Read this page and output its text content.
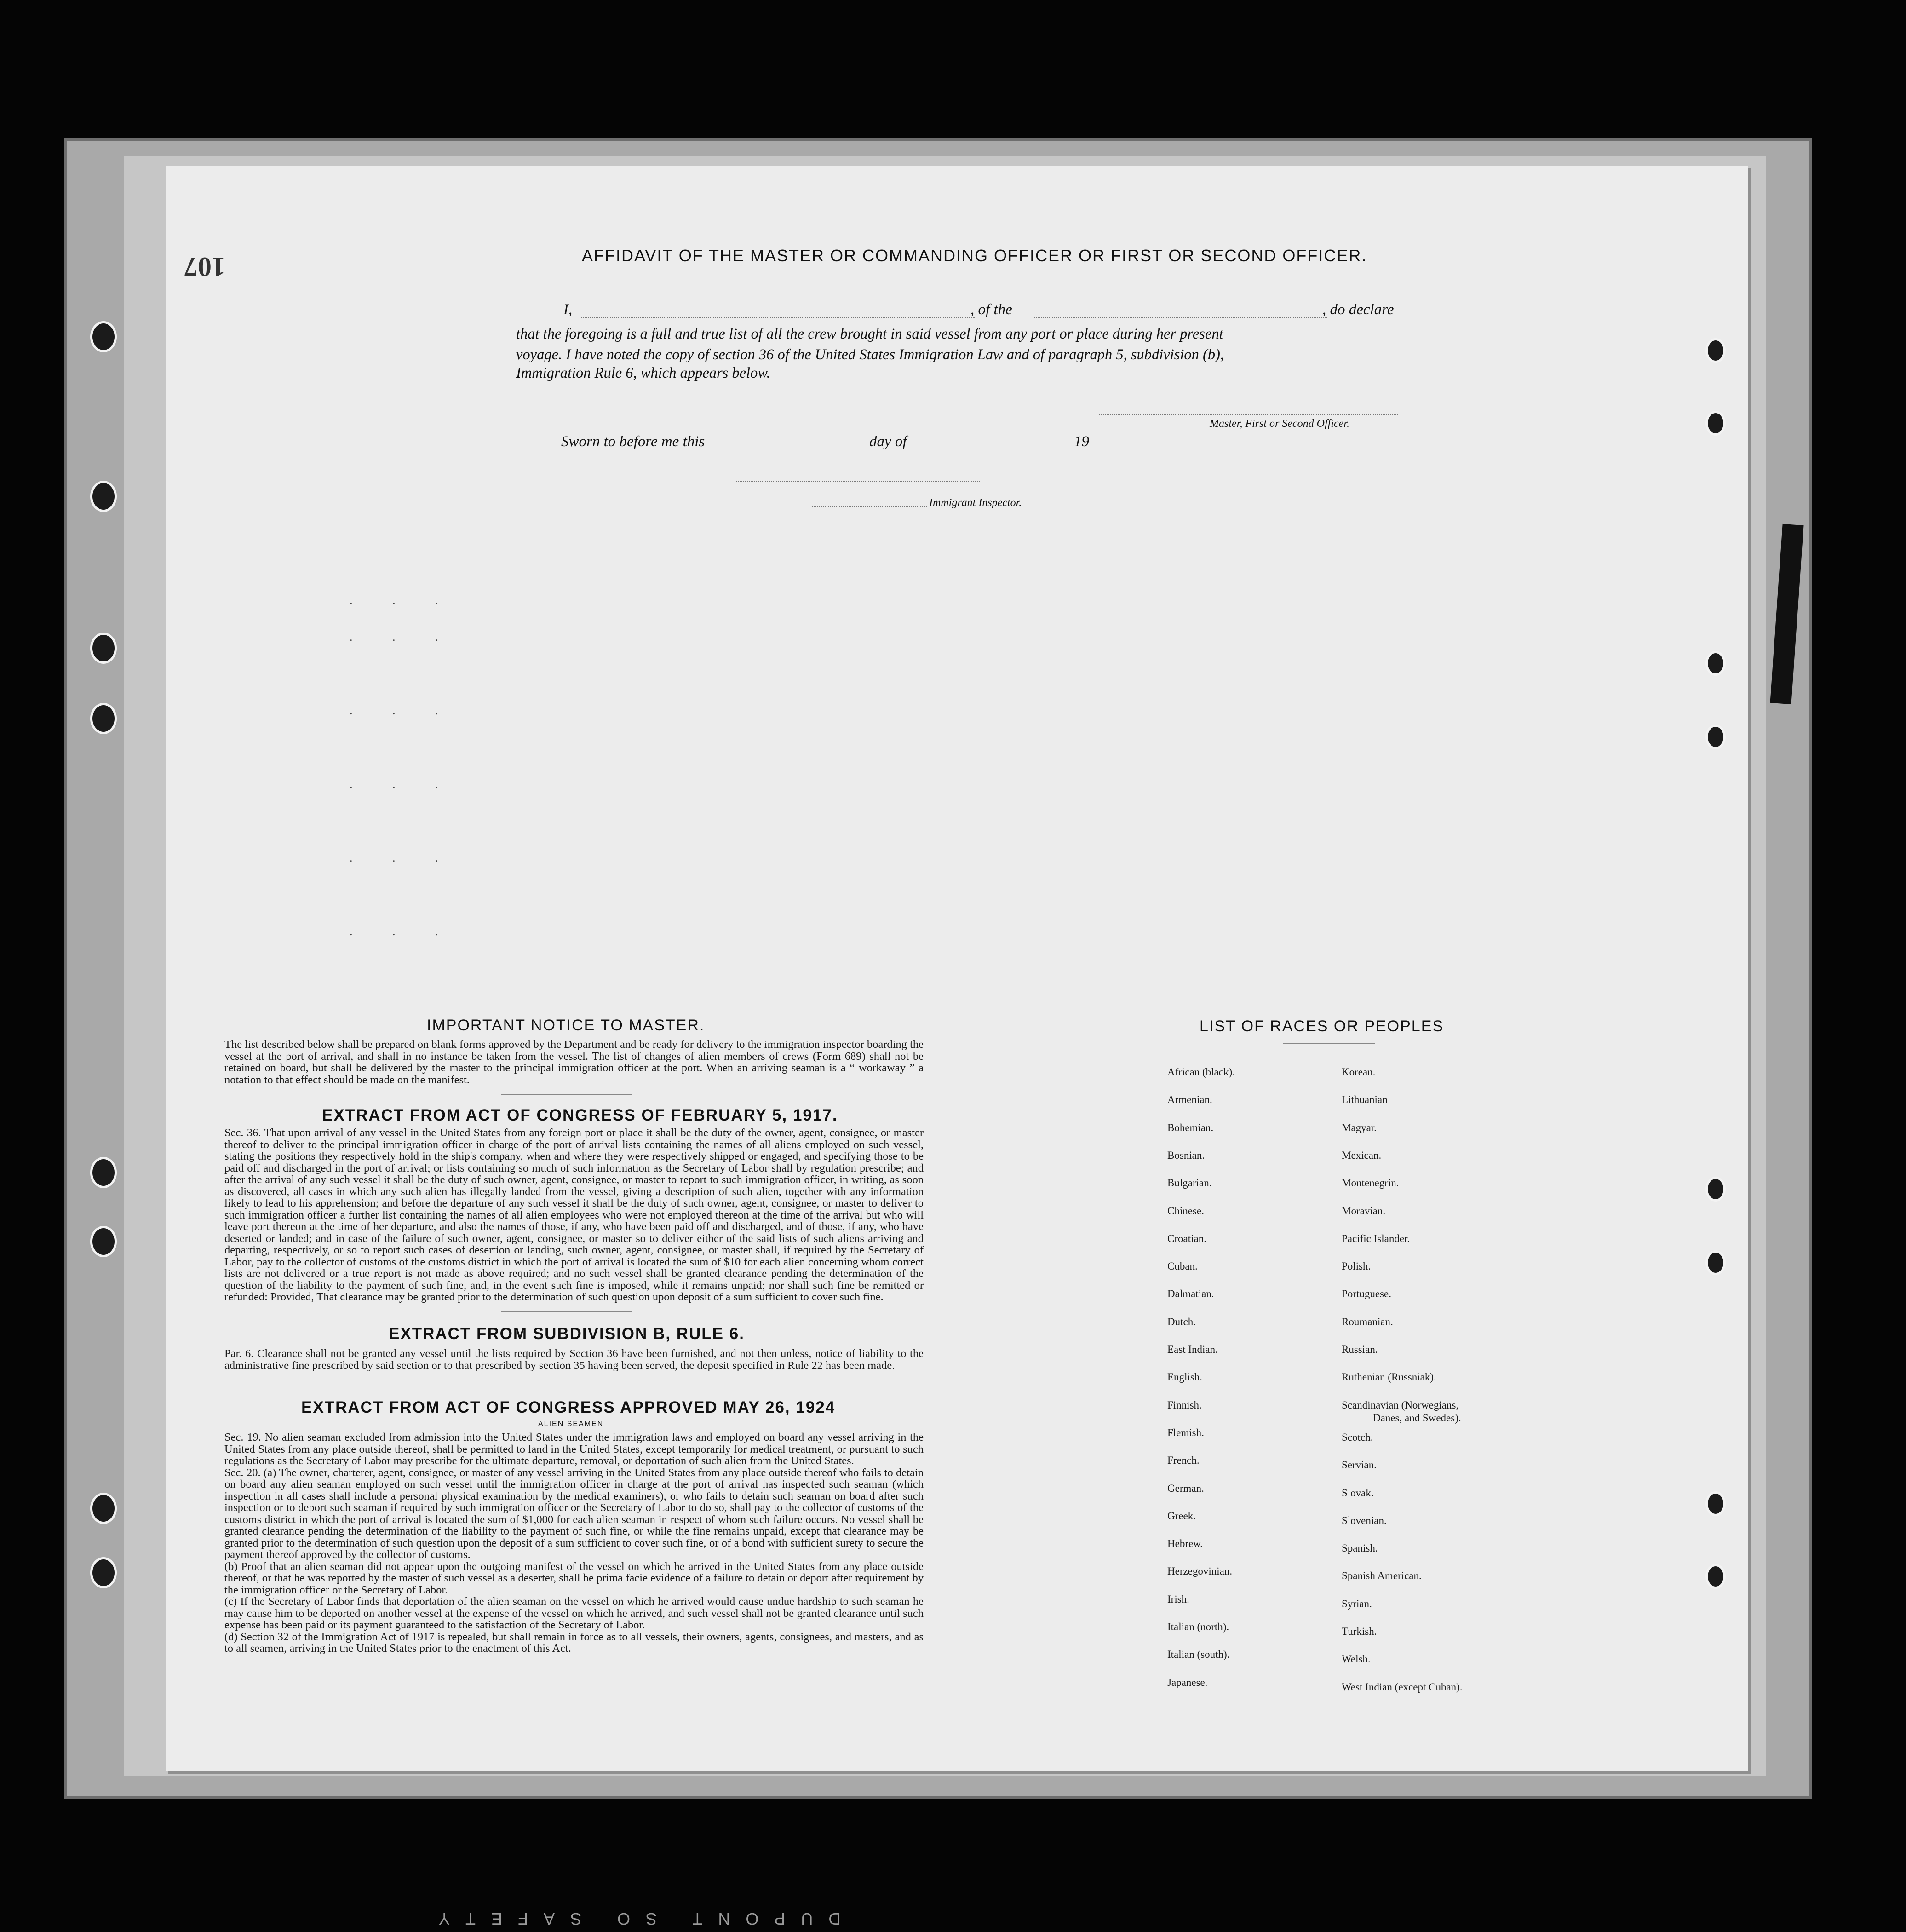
107	AFFIDAVIT OF THE MASTER OR COMMANDING OFFICER OR FIRST OR SECOND OFFICER.
I,	, of the	, do declare
that the foregoing is a full and true list of all the crew brought in said vessel from any port or place during her present
voyage. I have noted the copy of section 36 of the United States Immigration Law and of paragraph 5, subdivision (b),
Immigration Rule 6, which appears below.
Master, First or Second Officer.
Sworn to before me this	day of	19
Immigrant Inspector.
. . .
. . .
. . .
. . .
. . .
. . .
IMPORTANT NOTICE TO MASTER.

The list described below shall be prepared on blank forms approved by the Department and be ready for delivery to the immigration inspector boarding the vessel at the port of arrival, and shall in no instance be taken from the vessel. The list of changes of alien members of crews (Form 689) shall not be retained on board, but shall be delivered by the master to the principal immigration officer at the port. When an arriving seaman is a “ workaway ” a notation to that effect should be made on the manifest.

EXTRACT FROM ACT OF CONGRESS OF FEBRUARY 5, 1917.

Sec. 36. That upon arrival of any vessel in the United States from any foreign port or place it shall be the duty of the owner, agent, consignee, or master thereof to deliver to the principal immigration officer in charge of the port of arrival lists containing the names of all aliens employed on such vessel, stating the positions they respectively hold in the ship's company, when and where they were respectively shipped or engaged, and specifying those to be paid off and discharged in the port of arrival; or lists containing so much of such information as the Secretary of Labor shall by regulation prescribe; and after the arrival of any such vessel it shall be the duty of such owner, agent, consignee, or master to report to such immigration officer, in writing, as soon as discovered, all cases in which any such alien has illegally landed from the vessel, giving a description of such alien, together with any information likely to lead to his apprehension; and before the departure of any such vessel it shall be the duty of such owner, agent, consignee, or master to deliver to such immigration officer a further list containing the names of all alien employees who were not employed thereon at the time of the arrival but who will leave port thereon at the time of her departure, and also the names of those, if any, who have been paid off and discharged, and of those, if any, who have deserted or landed; and in case of the failure of such owner, agent, consignee, or master so to deliver either of the said lists of such aliens arriving and departing, respectively, or so to report such cases of desertion or landing, such owner, agent, consignee, or master shall, if required by the Secretary of Labor, pay to the collector of customs of the customs district in which the port of arrival is located the sum of $10 for each alien concerning whom correct lists are not delivered or a true report is not made as above required; and no such vessel shall be granted clearance pending the determination of the question of the liability to the payment of such fine, and, in the event such fine is imposed, while it remains unpaid; nor shall such fine be remitted or refunded: Provided, That clearance may be granted prior to the determination of such question upon deposit of a sum sufficient to cover such fine.

EXTRACT FROM SUBDIVISION B, RULE 6.

Par. 6. Clearance shall not be granted any vessel until the lists required by Section 36 have been furnished, and not then unless, notice of liability to the administrative fine prescribed by said section or to that prescribed by section 35 having been served, the deposit specified in Rule 22 has been made.

EXTRACT FROM ACT OF CONGRESS APPROVED MAY 26, 1924
ALIEN SEAMEN

Sec. 19. No alien seaman excluded from admission into the United States under the immigration laws and employed on board any vessel arriving in the United States from any place outside thereof, shall be permitted to land in the United States, except temporarily for medical treatment, or pursuant to such regulations as the Secretary of Labor may prescribe for the ultimate departure, removal, or deportation of such alien from the United States.

Sec. 20. (a) The owner, charterer, agent, consignee, or master of any vessel arriving in the United States from any place outside thereof who fails to detain on board any alien seaman employed on such vessel until the immigration officer in charge at the port of arrival has inspected such seaman (which inspection in all cases shall include a personal physical examination by the medical examiners), or who fails to detain such seaman on board after such inspection or to deport such seaman if required by such immigration officer or the Secretary of Labor to do so, shall pay to the collector of customs of the customs district in which the port of arrival is located the sum of $1,000 for each alien seaman in respect of whom such failure occurs. No vessel shall be granted clearance pending the determination of the liability to the payment of such fine, or while the fine remains unpaid, except that clearance may be granted prior to the determination of such question upon the deposit of a sum sufficient to cover such fine, or of a bond with sufficient surety to secure the payment thereof approved by the collector of customs.

(b) Proof that an alien seaman did not appear upon the outgoing manifest of the vessel on which he arrived in the United States from any place outside thereof, or that he was reported by the master of such vessel as a deserter, shall be prima facie evidence of a failure to detain or deport after requirement by the immigration officer or the Secretary of Labor.

(c) If the Secretary of Labor finds that deportation of the alien seaman on the vessel on which he arrived would cause undue hardship to such seaman he may cause him to be deported on another vessel at the expense of the vessel on which he arrived, and such vessel shall not be granted clearance until such expense has been paid or its payment guaranteed to the satisfaction of the Secretary of Labor.

(d) Section 32 of the Immigration Act of 1917 is repealed, but shall remain in force as to all vessels, their owners, agents, consignees, and masters, and as to all seamen, arriving in the United States prior to the enactment of this Act.

LIST OF RACES OR PEOPLES
African (black).
Armenian.
Bohemian.
Bosnian.
Bulgarian.
Chinese.
Croatian.
Cuban.
Dalmatian.
Dutch.
East Indian.
English.
Finnish.
Flemish.
French.
German.
Greek.
Hebrew.
Herzegovinian.
Irish.
Italian (north).
Italian (south).
Japanese.
Korean.
Lithuanian
Magyar.
Mexican.
Montenegrin.
Moravian.
Pacific Islander.
Polish.
Portuguese.
Roumanian.
Russian.
Ruthenian (Russniak).
Scandinavian (Norwegians,
Scotch.
Servian.
Slovak.
Slovenian.
Spanish.
Spanish American.
Syrian.
Turkish.
Welsh.
West Indian (except Cuban).
Danes, and Swedes).
DUPONT SO SAFETY
